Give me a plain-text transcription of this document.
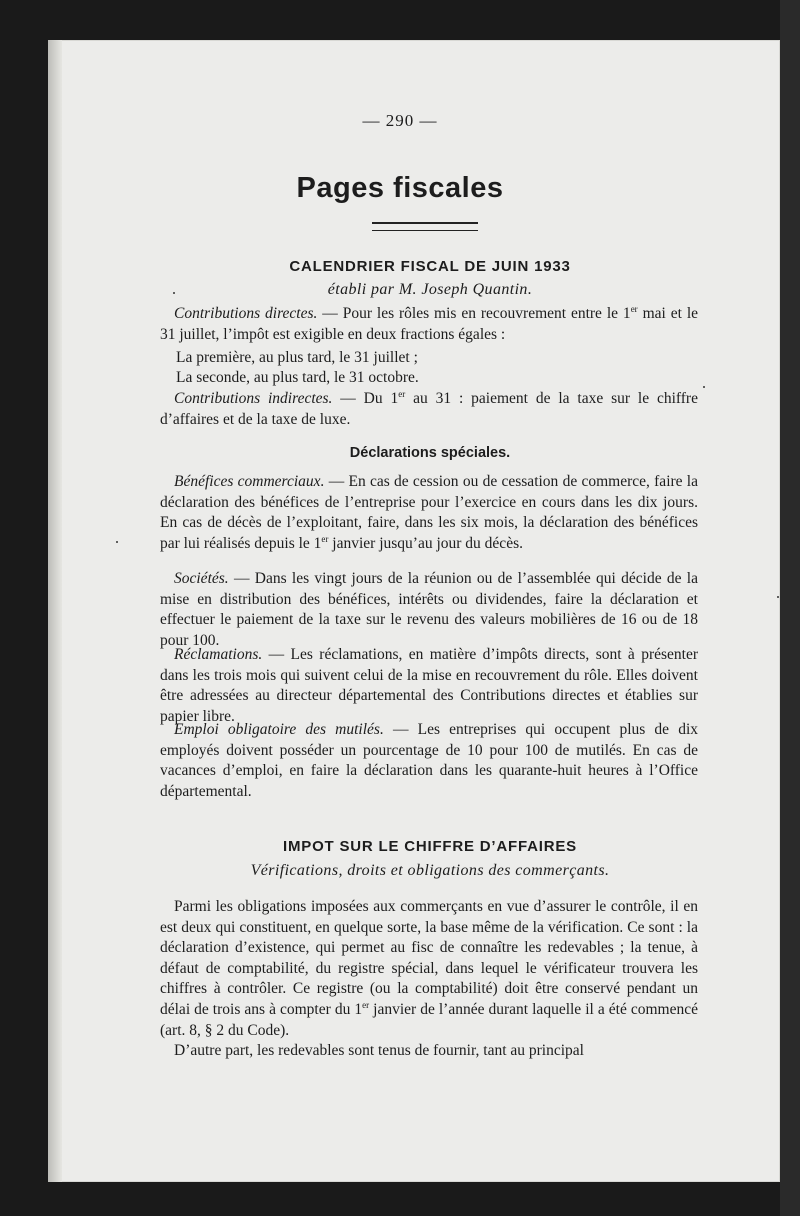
— 290 —
Pages fiscales
CALENDRIER FISCAL DE JUIN 1933
établi par M. Joseph Quantin.
Contributions directes. — Pour les rôles mis en recouvrement entre le 1er mai et le 31 juillet, l’impôt est exigible en deux fractions égales :
La première, au plus tard, le 31 juillet ;
La seconde, au plus tard, le 31 octobre.
Contributions indirectes. — Du 1er au 31 : paiement de la taxe sur le chiffre d’affaires et de la taxe de luxe.
Déclarations spéciales.
Bénéfices commerciaux. — En cas de cession ou de cessation de commerce, faire la déclaration des bénéfices de l’entreprise pour l’exercice en cours dans les dix jours. En cas de décès de l’exploitant, faire, dans les six mois, la déclaration des bénéfices par lui réalisés depuis le 1er janvier jusqu’au jour du décès.
Sociétés. — Dans les vingt jours de la réunion ou de l’assemblée qui décide de la mise en distribution des bénéfices, intérêts ou dividendes, faire la déclaration et effectuer le paiement de la taxe sur le revenu des valeurs mobilières de 16 ou de 18 pour 100.
Réclamations. — Les réclamations, en matière d’impôts directs, sont à présenter dans les trois mois qui suivent celui de la mise en recouvrement du rôle. Elles doivent être adressées au directeur départemental des Contributions directes et établies sur papier libre.
Emploi obligatoire des mutilés. — Les entreprises qui occupent plus de dix employés doivent posséder un pourcentage de 10 pour 100 de mutilés. En cas de vacances d’emploi, en faire la déclaration dans les quarante-huit heures à l’Office départemental.
IMPOT SUR LE CHIFFRE D’AFFAIRES
Vérifications, droits et obligations des commerçants.
Parmi les obligations imposées aux commerçants en vue d’assurer le contrôle, il en est deux qui constituent, en quelque sorte, la base même de la vérification. Ce sont : la déclaration d’existence, qui permet au fisc de connaître les redevables ; la tenue, à défaut de comptabilité, du registre spécial, dans lequel le vérificateur trouvera les chiffres à contrôler. Ce registre (ou la comptabilité) doit être conservé pendant un délai de trois ans à compter du 1er janvier de l’année durant laquelle il a été commencé (art. 8, § 2 du Code).
D’autre part, les redevables sont tenus de fournir, tant au principal
